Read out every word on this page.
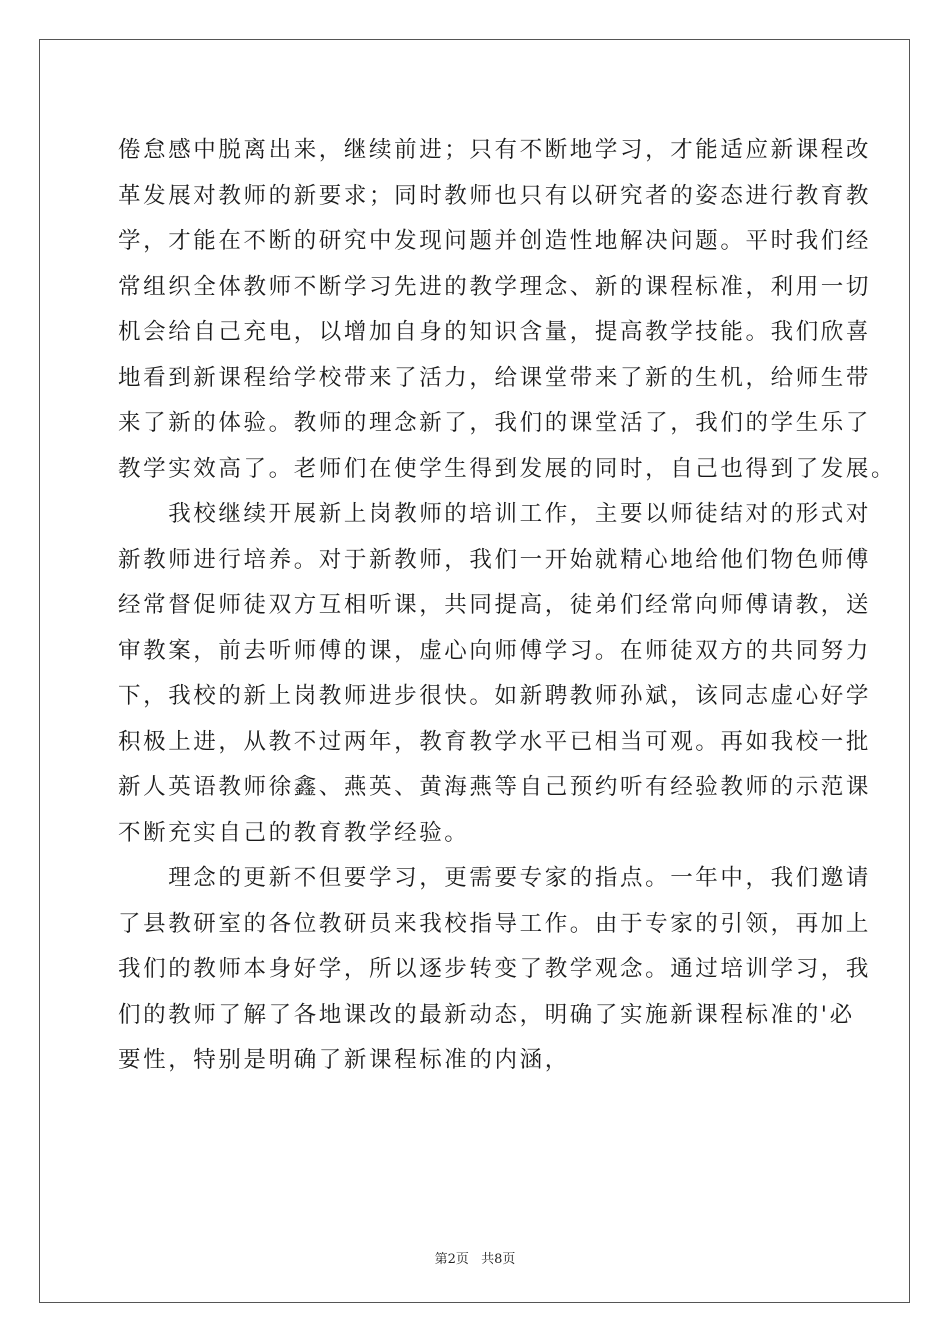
倦怠感中脱离出来，继续前进；只有不断地学习，才能适应新课程改
革发展对教师的新要求；同时教师也只有以研究者的姿态进行教育教
学，才能在不断的研究中发现问题并创造性地解决问题。平时我们经
常组织全体教师不断学习先进的教学理念、新的课程标准，利用一切
机会给自己充电，以增加自身的知识含量，提高教学技能。我们欣喜
地看到新课程给学校带来了活力，给课堂带来了新的生机，给师生带
来了新的体验。教师的理念新了，我们的课堂活了，我们的学生乐了
教学实效高了。老师们在使学生得到发展的同时，自己也得到了发展。
　　我校继续开展新上岗教师的培训工作，主要以师徒结对的形式对
新教师进行培养。对于新教师，我们一开始就精心地给他们物色师傅
经常督促师徒双方互相听课，共同提高，徒弟们经常向师傅请教，送
审教案，前去听师傅的课，虚心向师傅学习。在师徒双方的共同努力
下，我校的新上岗教师进步很快。如新聘教师孙斌，该同志虚心好学
积极上进，从教不过两年，教育教学水平已相当可观。再如我校一批
新人英语教师徐鑫、燕英、黄海燕等自己预约听有经验教师的示范课
不断充实自己的教育教学经验。
　　理念的更新不但要学习，更需要专家的指点。一年中，我们邀请
了县教研室的各位教研员来我校指导工作。由于专家的引领，再加上
我们的教师本身好学，所以逐步转变了教学观念。通过培训学习，我
们的教师了解了各地课改的最新动态，明确了实施新课程标准的'必
要性，特别是明确了新课程标准的内涵，
第2页 共8页
